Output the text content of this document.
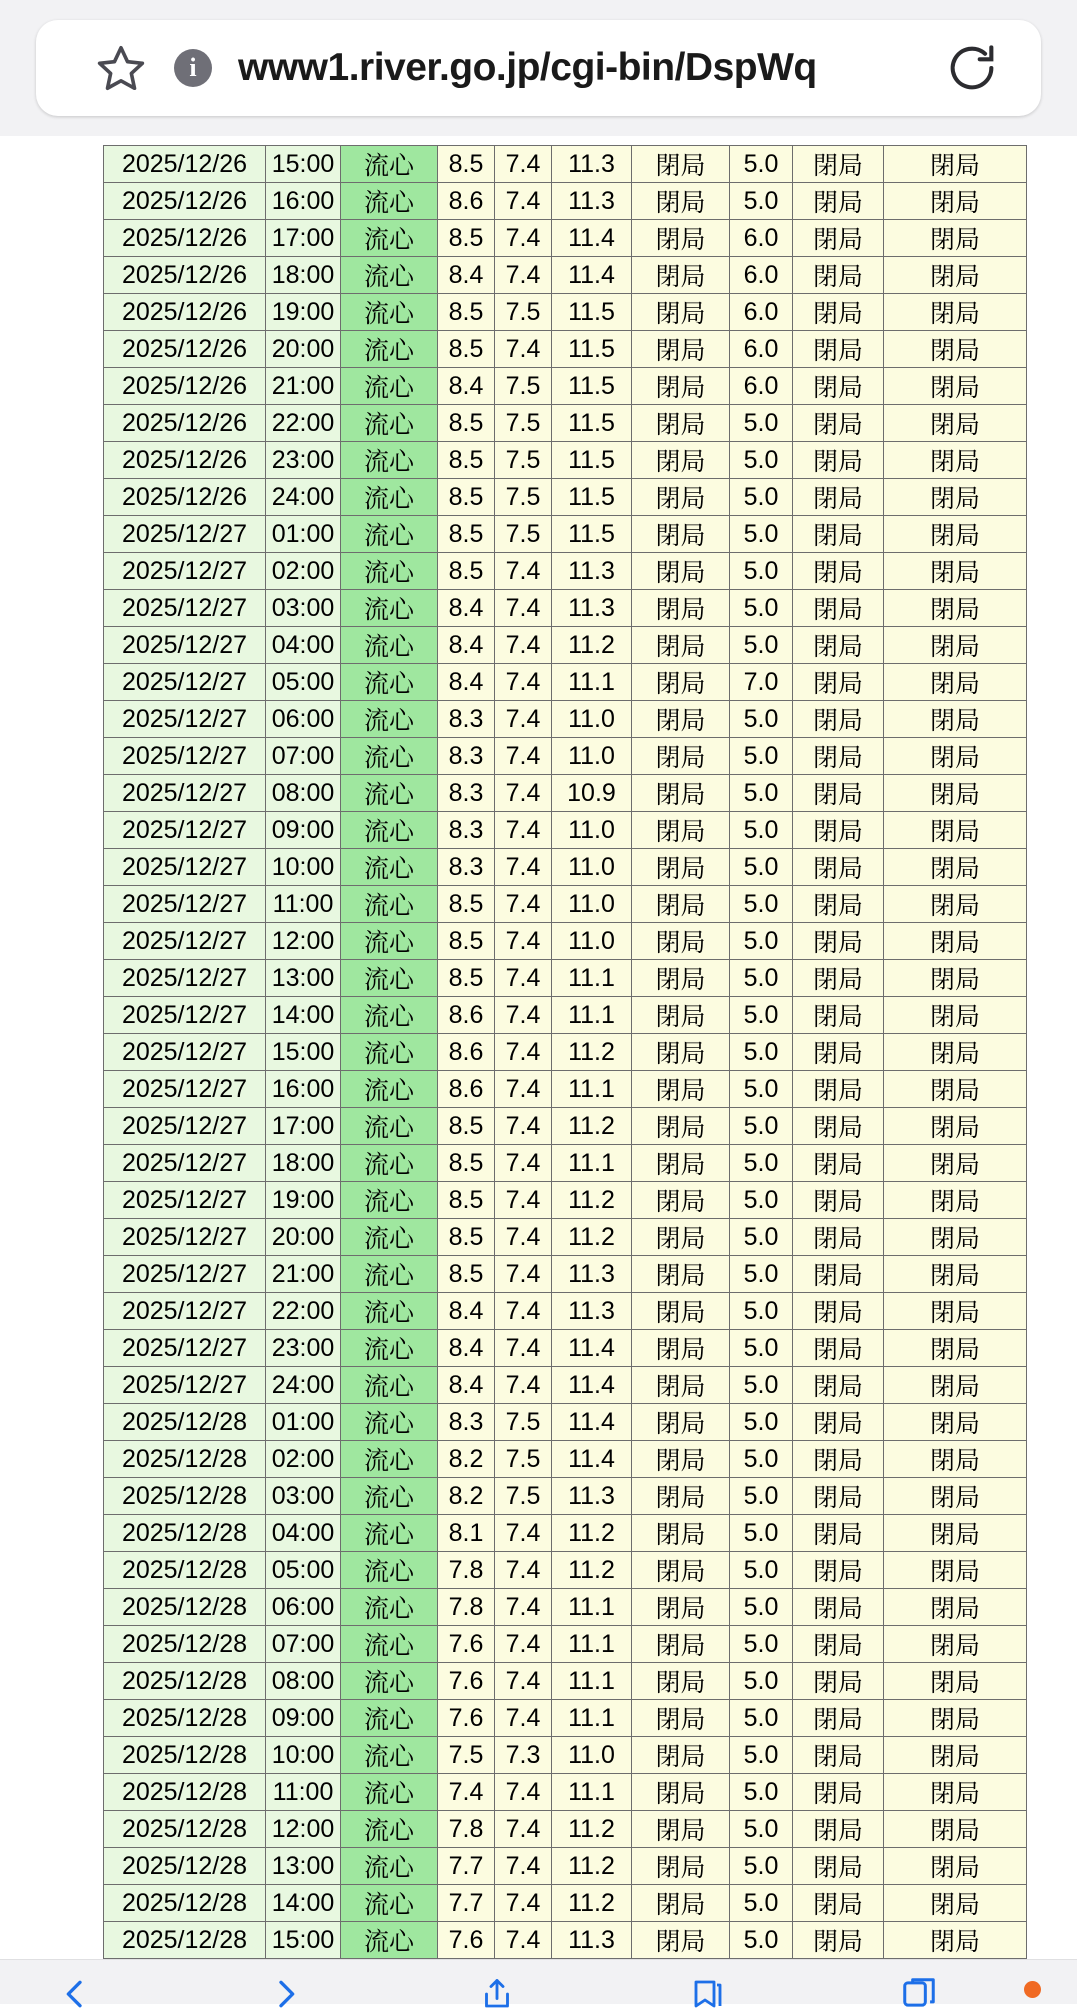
i	www1.river.go.jp/cgi-bin/DspWq
2025/12/26	15:00	流心	8.5	7.4	11.3	閉局	5.0	閉局	閉局
2025/12/26	16:00	流心	8.6	7.4	11.3	閉局	5.0	閉局	閉局
2025/12/26	17:00	流心	8.5	7.4	11.4	閉局	6.0	閉局	閉局
2025/12/26	18:00	流心	8.4	7.4	11.4	閉局	6.0	閉局	閉局
2025/12/26	19:00	流心	8.5	7.5	11.5	閉局	6.0	閉局	閉局
2025/12/26	20:00	流心	8.5	7.4	11.5	閉局	6.0	閉局	閉局
2025/12/26	21:00	流心	8.4	7.5	11.5	閉局	6.0	閉局	閉局
2025/12/26	22:00	流心	8.5	7.5	11.5	閉局	5.0	閉局	閉局
2025/12/26	23:00	流心	8.5	7.5	11.5	閉局	5.0	閉局	閉局
2025/12/26	24:00	流心	8.5	7.5	11.5	閉局	5.0	閉局	閉局
2025/12/27	01:00	流心	8.5	7.5	11.5	閉局	5.0	閉局	閉局
2025/12/27	02:00	流心	8.5	7.4	11.3	閉局	5.0	閉局	閉局
2025/12/27	03:00	流心	8.4	7.4	11.3	閉局	5.0	閉局	閉局
2025/12/27	04:00	流心	8.4	7.4	11.2	閉局	5.0	閉局	閉局
2025/12/27	05:00	流心	8.4	7.4	11.1	閉局	7.0	閉局	閉局
2025/12/27	06:00	流心	8.3	7.4	11.0	閉局	5.0	閉局	閉局
2025/12/27	07:00	流心	8.3	7.4	11.0	閉局	5.0	閉局	閉局
2025/12/27	08:00	流心	8.3	7.4	10.9	閉局	5.0	閉局	閉局
2025/12/27	09:00	流心	8.3	7.4	11.0	閉局	5.0	閉局	閉局
2025/12/27	10:00	流心	8.3	7.4	11.0	閉局	5.0	閉局	閉局
2025/12/27	11:00	流心	8.5	7.4	11.0	閉局	5.0	閉局	閉局
2025/12/27	12:00	流心	8.5	7.4	11.0	閉局	5.0	閉局	閉局
2025/12/27	13:00	流心	8.5	7.4	11.1	閉局	5.0	閉局	閉局
2025/12/27	14:00	流心	8.6	7.4	11.1	閉局	5.0	閉局	閉局
2025/12/27	15:00	流心	8.6	7.4	11.2	閉局	5.0	閉局	閉局
2025/12/27	16:00	流心	8.6	7.4	11.1	閉局	5.0	閉局	閉局
2025/12/27	17:00	流心	8.5	7.4	11.2	閉局	5.0	閉局	閉局
2025/12/27	18:00	流心	8.5	7.4	11.1	閉局	5.0	閉局	閉局
2025/12/27	19:00	流心	8.5	7.4	11.2	閉局	5.0	閉局	閉局
2025/12/27	20:00	流心	8.5	7.4	11.2	閉局	5.0	閉局	閉局
2025/12/27	21:00	流心	8.5	7.4	11.3	閉局	5.0	閉局	閉局
2025/12/27	22:00	流心	8.4	7.4	11.3	閉局	5.0	閉局	閉局
2025/12/27	23:00	流心	8.4	7.4	11.4	閉局	5.0	閉局	閉局
2025/12/27	24:00	流心	8.4	7.4	11.4	閉局	5.0	閉局	閉局
2025/12/28	01:00	流心	8.3	7.5	11.4	閉局	5.0	閉局	閉局
2025/12/28	02:00	流心	8.2	7.5	11.4	閉局	5.0	閉局	閉局
2025/12/28	03:00	流心	8.2	7.5	11.3	閉局	5.0	閉局	閉局
2025/12/28	04:00	流心	8.1	7.4	11.2	閉局	5.0	閉局	閉局
2025/12/28	05:00	流心	7.8	7.4	11.2	閉局	5.0	閉局	閉局
2025/12/28	06:00	流心	7.8	7.4	11.1	閉局	5.0	閉局	閉局
2025/12/28	07:00	流心	7.6	7.4	11.1	閉局	5.0	閉局	閉局
2025/12/28	08:00	流心	7.6	7.4	11.1	閉局	5.0	閉局	閉局
2025/12/28	09:00	流心	7.6	7.4	11.1	閉局	5.0	閉局	閉局
2025/12/28	10:00	流心	7.5	7.3	11.0	閉局	5.0	閉局	閉局
2025/12/28	11:00	流心	7.4	7.4	11.1	閉局	5.0	閉局	閉局
2025/12/28	12:00	流心	7.8	7.4	11.2	閉局	5.0	閉局	閉局
2025/12/28	13:00	流心	7.7	7.4	11.2	閉局	5.0	閉局	閉局
2025/12/28	14:00	流心	7.7	7.4	11.2	閉局	5.0	閉局	閉局
2025/12/28	15:00	流心	7.6	7.4	11.3	閉局	5.0	閉局	閉局
